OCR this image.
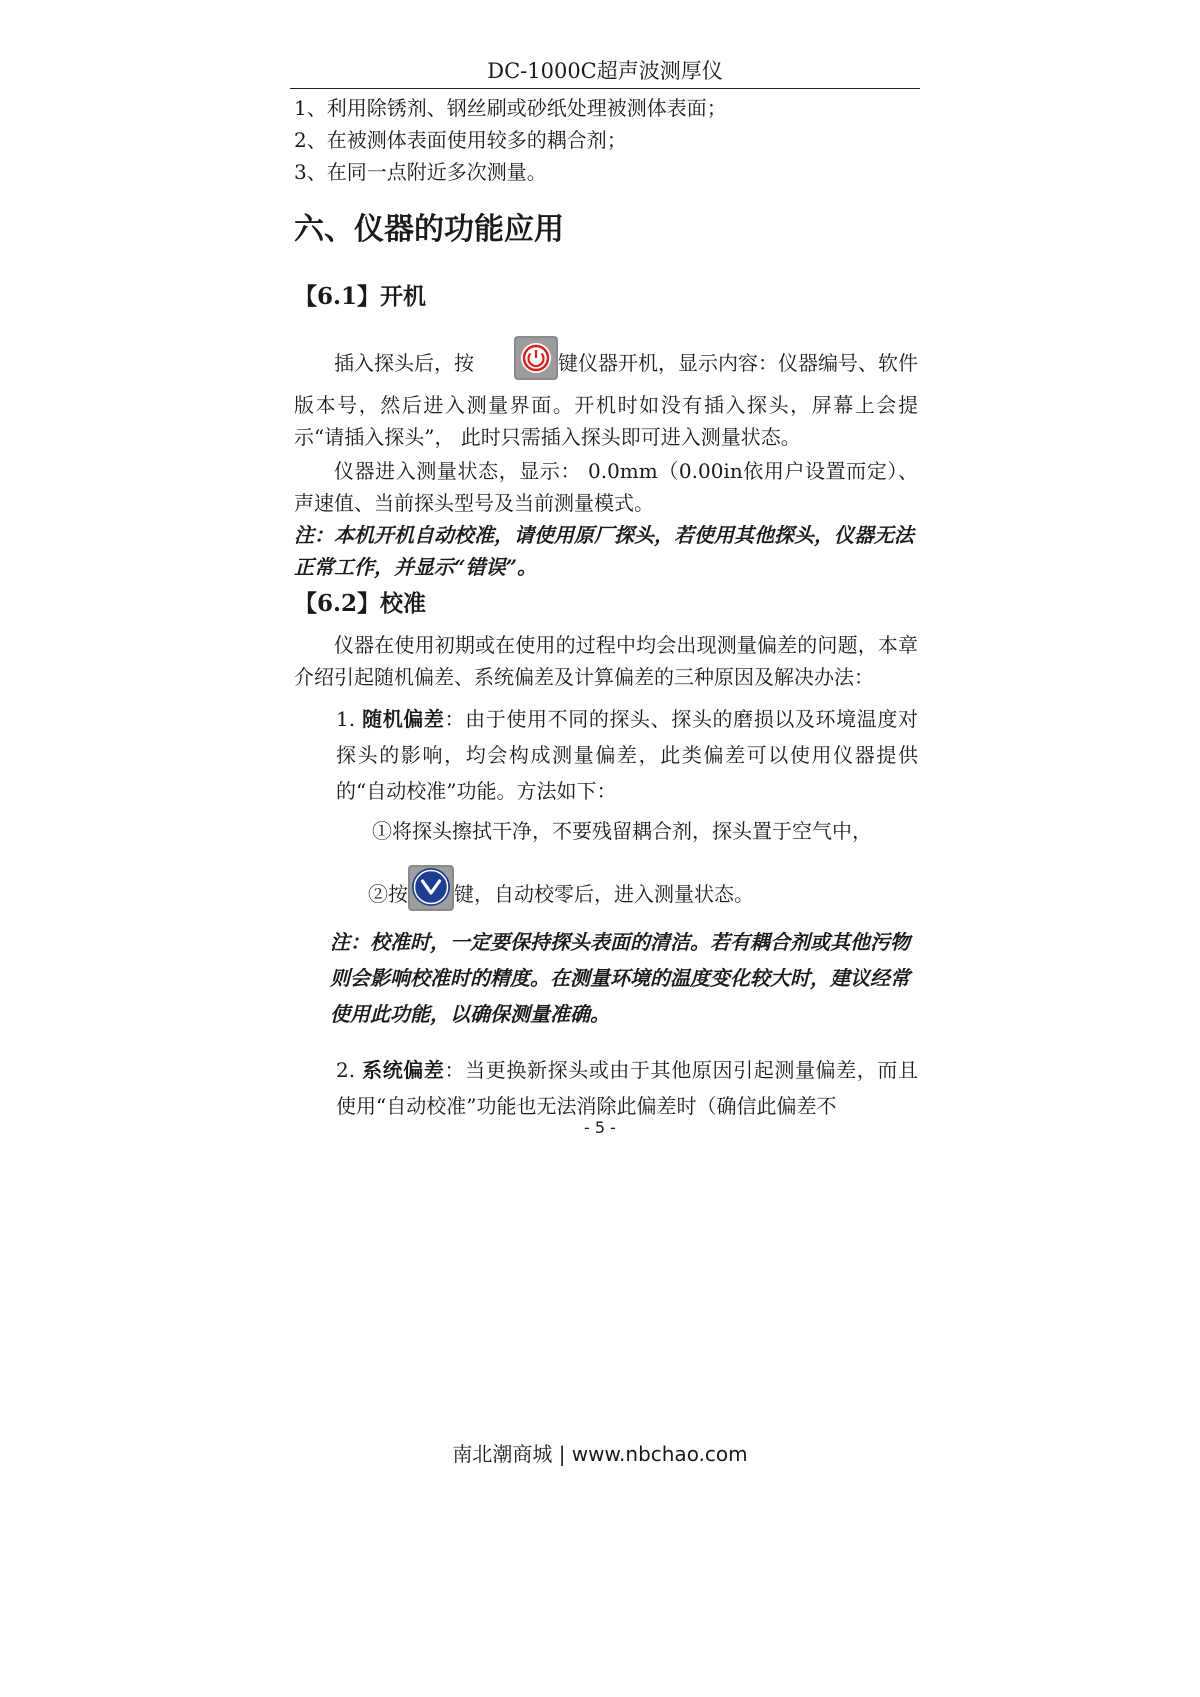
DC-1000C超声波测厚仪

1、利用除锈剂、钢丝刷或砂纸处理被测体表面；

2、在被测体表面使用较多的耦合剂；

3、在同一点附近多次测量。

六、仪器的功能应用
【6.1】开机

插入探头后，按	键仪器开机，显示内容：仪器编号、软件版本号，然后进入测量界面。开机时如没有插入探头，屏幕上会提示“请插入探头”， 此时只需插入探头即可进入测量状态。

仪器进入测量状态，显示： 0.0mm（0.00in依用户设置而定）、声速值、当前探头型号及当前测量模式。

注：本机开机自动校准，请使用原厂探头，若使用其他探头，仪器无法正常工作，并显示“错误”。

【6.2】校准

仪器在使用初期或在使用的过程中均会出现测量偏差的问题，本章介绍引起随机偏差、系统偏差及计算偏差的三种原因及解决办法：

1. 随机偏差：由于使用不同的探头、探头的磨损以及环境温度对探头的影响，均会构成测量偏差，此类偏差可以使用仪器提供的“自动校准”功能。方法如下：

①将探头擦拭干净，不要残留耦合剂，探头置于空气中，

②按 键，自动校零后，进入测量状态。

注：校准时，一定要保持探头表面的清洁。若有耦合剂或其他污物则会影响校准时的精度。在测量环境的温度变化较大时，建议经常使用此功能，以确保测量准确。

2. 系统偏差：当更换新探头或由于其他原因引起测量偏差，而且使用“自动校准”功能也无法消除此偏差时（确信此偏差不
- 5 -
南北潮商城 | www.nbchao.com
